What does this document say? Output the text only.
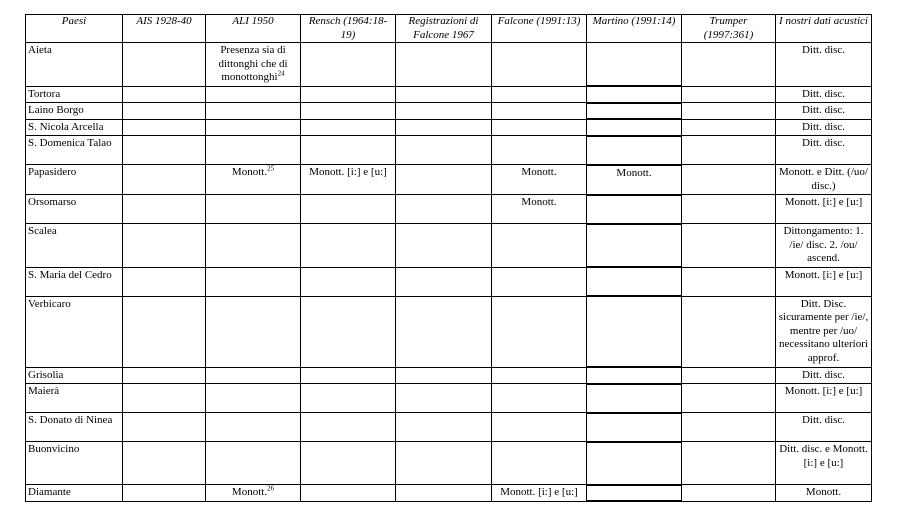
Paesi	AIS 1928-40	ALI 1950	Rensch (1964:18-19)	Registrazioni di Falcone 1967	Falcone (1991:13)	Martino (1991:14)	Trumper (1997:361)	I nostri dati acustici
Aieta		Presenza sia di dittonghi che di monottonghi$^{24}$						Ditt. disc.
Tortora								Ditt. disc.
Laino Borgo								Ditt. disc.
S. Nicola Arcella								Ditt. disc.
S. Domenica Talao								Ditt. disc.
Papasidero		Monott.$^{25}$	Monott. [i:] e [u:]		Monott.	Monott.		Monott. e Ditt. (/uo/ disc.)
Orsomarso					Monott.			Monott. [i:] e [u:]
Scalea								Dittongamento: 1. /ie/ disc. 2. /ou/ ascend.
S. Maria del Cedro								Monott. [i:] e [u:]
Verbicaro								Ditt. Disc. sicuramente per /ie/, mentre per /uo/ necessitano ulteriori approf.
Grisolia								Ditt. disc.
Maierà								Monott. [i:] e [u:]
S. Donato di Ninea								Ditt. disc.
Buonvicino								Ditt. disc. e Monott. [i:] e [u:]
Diamante		Monott.$^{26}$			Monott. [i:] e [u:]			Monott.
